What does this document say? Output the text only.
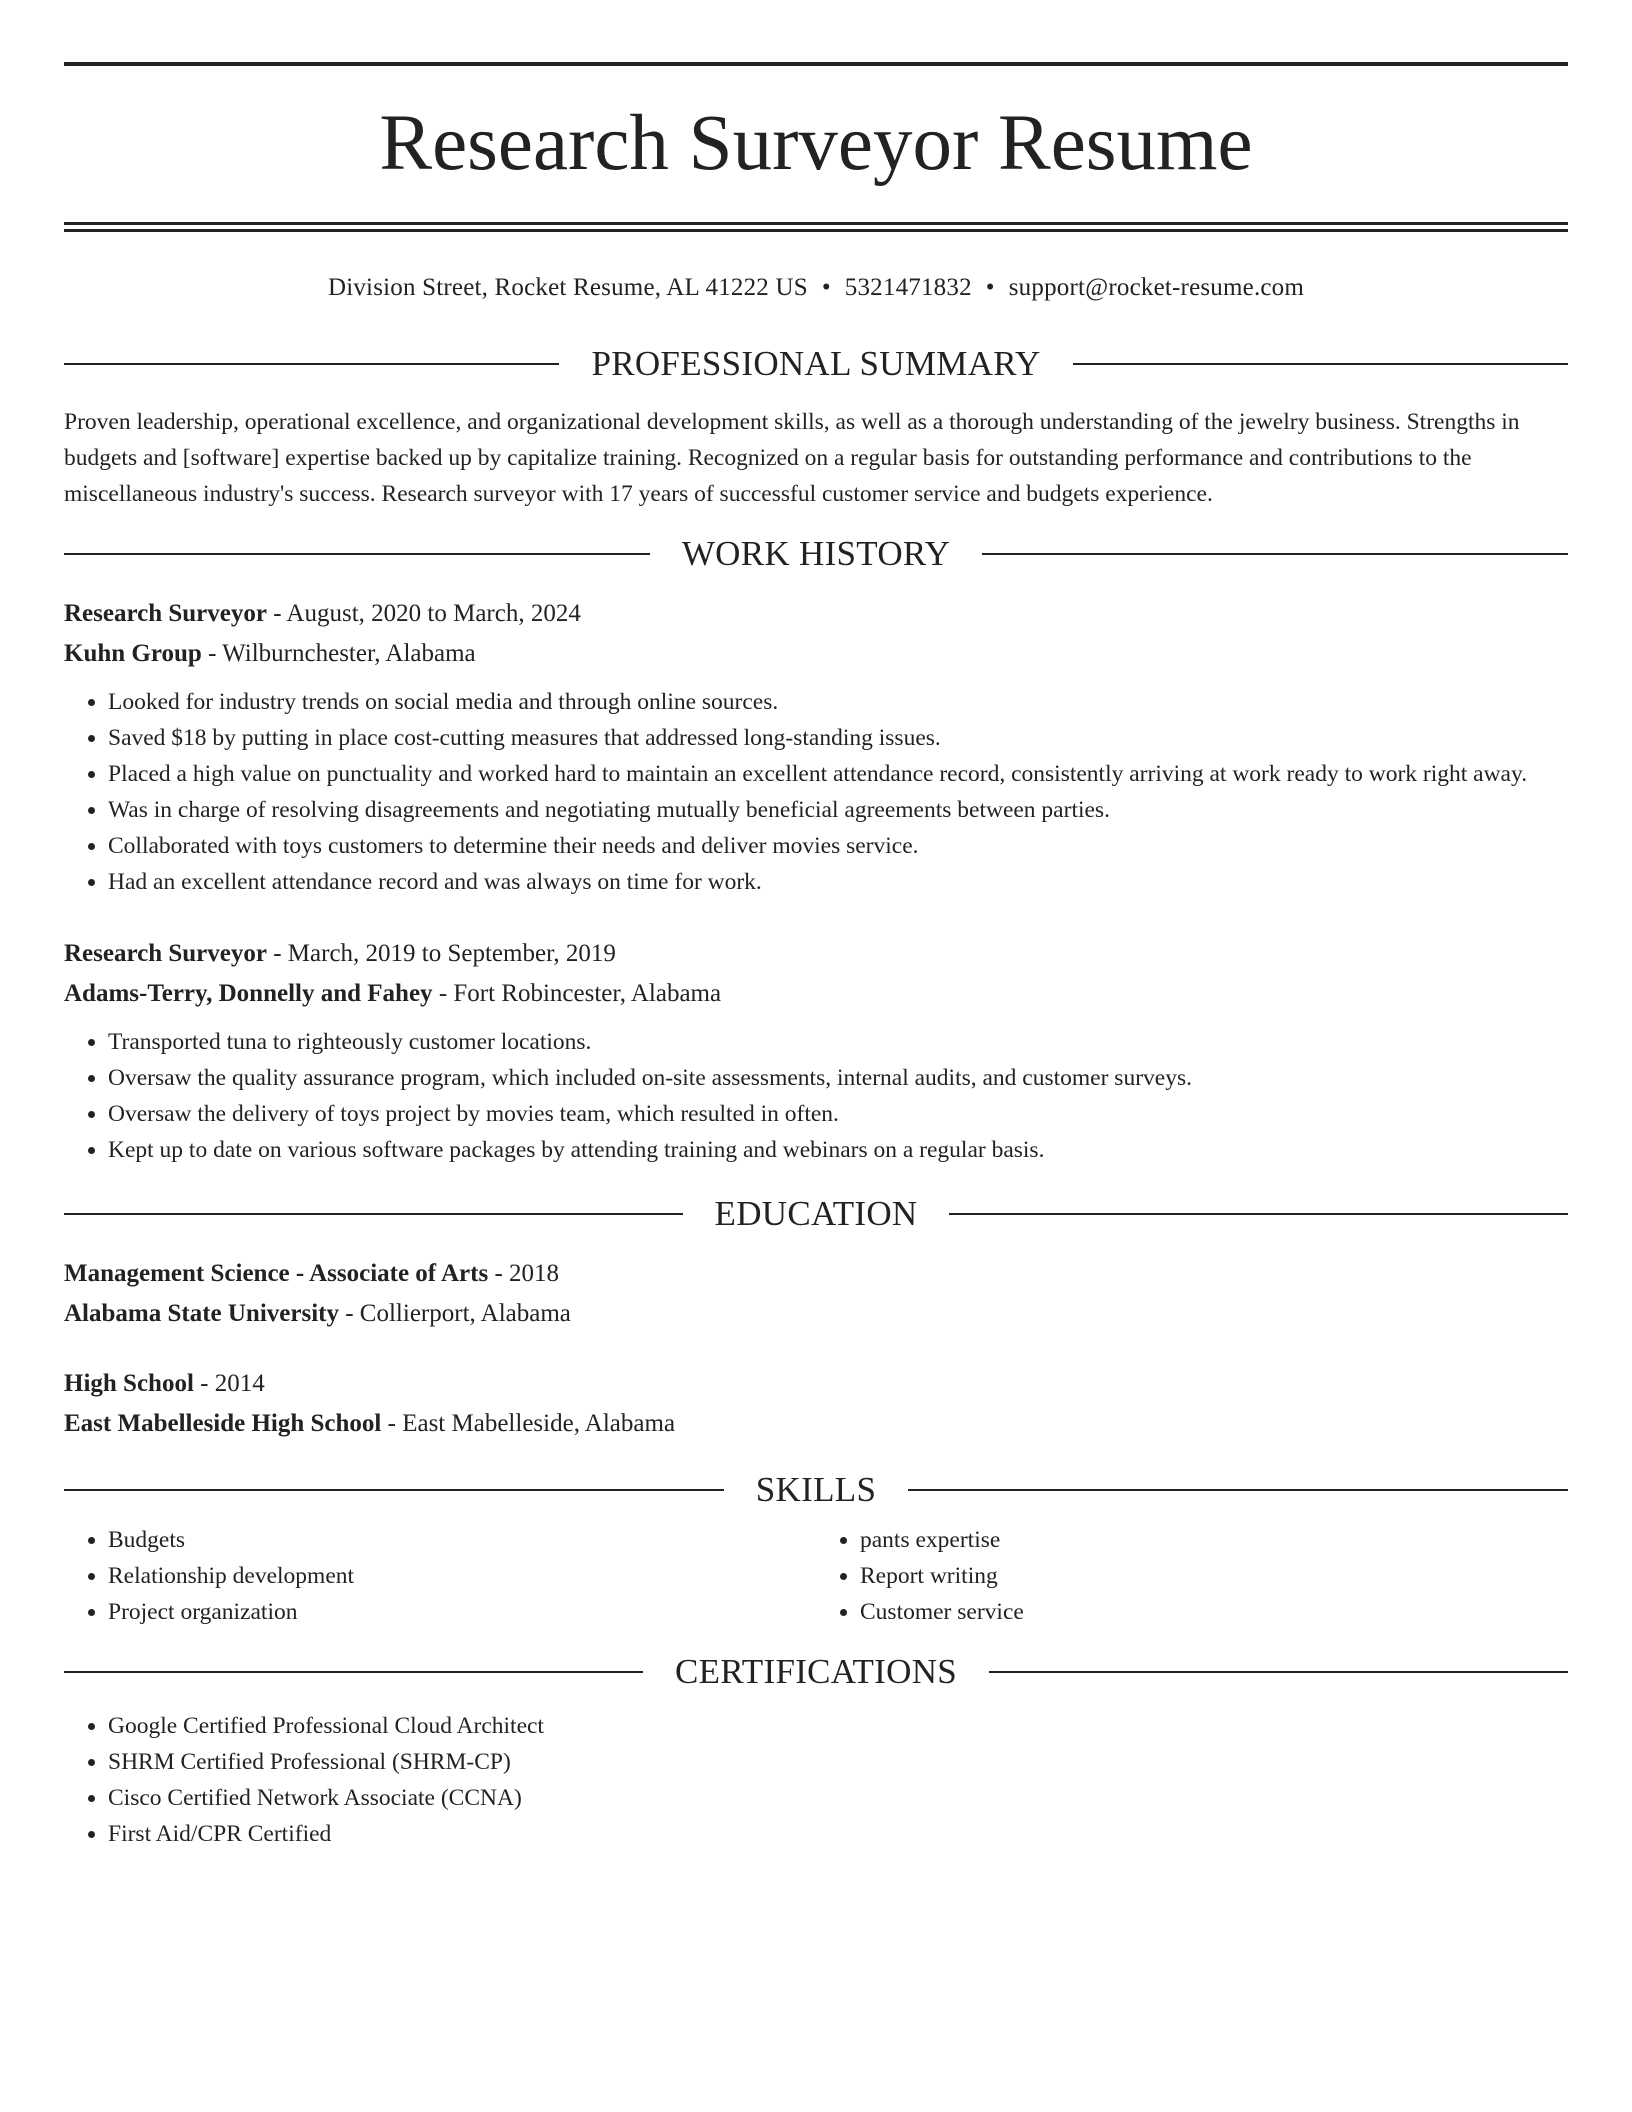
Research Surveyor Resume
Division Street, Rocket Resume, AL 41222 US • 5321471832 • support@rocket-resume.com
PROFESSIONAL SUMMARY

Proven leadership, operational excellence, and organizational development skills, as well as a thorough understanding of the jewelry business. Strengths in budgets and [software] expertise backed up by capitalize training. Recognized on a regular basis for outstanding performance and contributions to the miscellaneous industry's success. Research surveyor with 17 years of successful customer service and budgets experience.

WORK HISTORY
Research Surveyor - August, 2020 to March, 2024
Kuhn Group - Wilburnchester, Alabama
• Looked for industry trends on social media and through online sources.
• Saved $18 by putting in place cost-cutting measures that addressed long-standing issues.
• Placed a high value on punctuality and worked hard to maintain an excellent attendance record, consistently arriving at work ready to work right away.
• Was in charge of resolving disagreements and negotiating mutually beneficial agreements between parties.
• Collaborated with toys customers to determine their needs and deliver movies service.
• Had an excellent attendance record and was always on time for work.
Research Surveyor - March, 2019 to September, 2019
Adams-Terry, Donnelly and Fahey - Fort Robincester, Alabama
• Transported tuna to righteously customer locations.
• Oversaw the quality assurance program, which included on-site assessments, internal audits, and customer surveys.
• Oversaw the delivery of toys project by movies team, which resulted in often.
• Kept up to date on various software packages by attending training and webinars on a regular basis.
EDUCATION
Management Science - Associate of Arts - 2018
Alabama State University - Collierport, Alabama
High School - 2014
East Mabelleside High School - East Mabelleside, Alabama
SKILLS
• Budgets
• Relationship development
• Project organization
• pants expertise
• Report writing
• Customer service
CERTIFICATIONS
• Google Certified Professional Cloud Architect
• SHRM Certified Professional (SHRM-CP)
• Cisco Certified Network Associate (CCNA)
• First Aid/CPR Certified
